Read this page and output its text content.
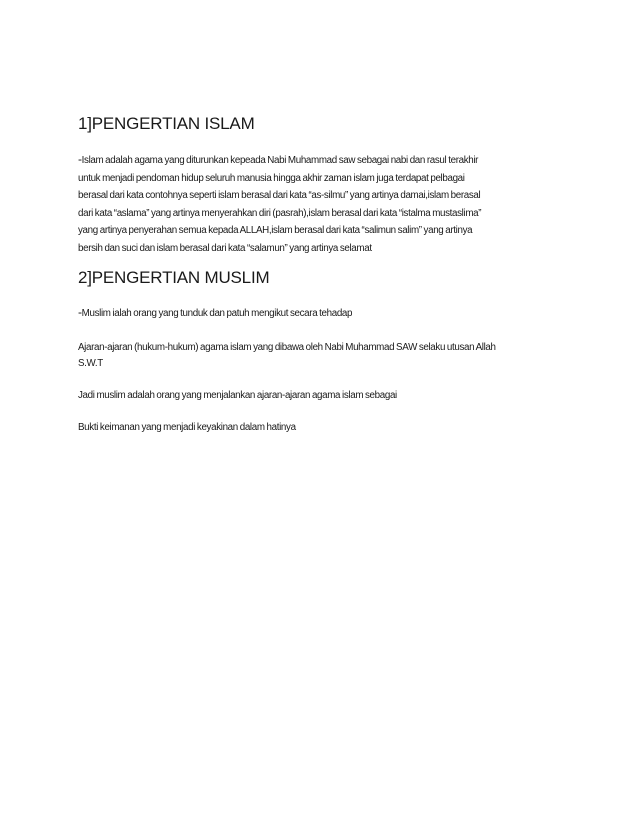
1]PENGERTIAN ISLAM

-Islam adalah agama yang diturunkan kepeada Nabi Muhammad saw sebagai nabi dan rasul terakhir

untuk menjadi pendoman hidup seluruh manusia hingga akhir zaman islam juga terdapat pelbagai

berasal dari kata contohnya seperti islam berasal dari kata “as-silmu” yang artinya damai,islam berasal

dari kata “aslama” yang artinya menyerahkan diri (pasrah),islam berasal dari kata “istalma mustaslima”

yang artinya penyerahan semua kepada ALLAH,islam berasal dari kata “salimun salim” yang artinya

bersih dan suci dan islam berasal dari kata “salamun” yang artinya selamat

2]PENGERTIAN MUSLIM

-Muslim ialah orang yang tunduk dan patuh mengikut secara tehadap

Ajaran-ajaran (hukum-hukum) agama islam yang dibawa oleh Nabi Muhammad SAW selaku utusan Allah
S.W.T

Jadi muslim adalah orang yang menjalankan ajaran-ajaran agama islam sebagai

Bukti keimanan yang menjadi keyakinan dalam hatinya
